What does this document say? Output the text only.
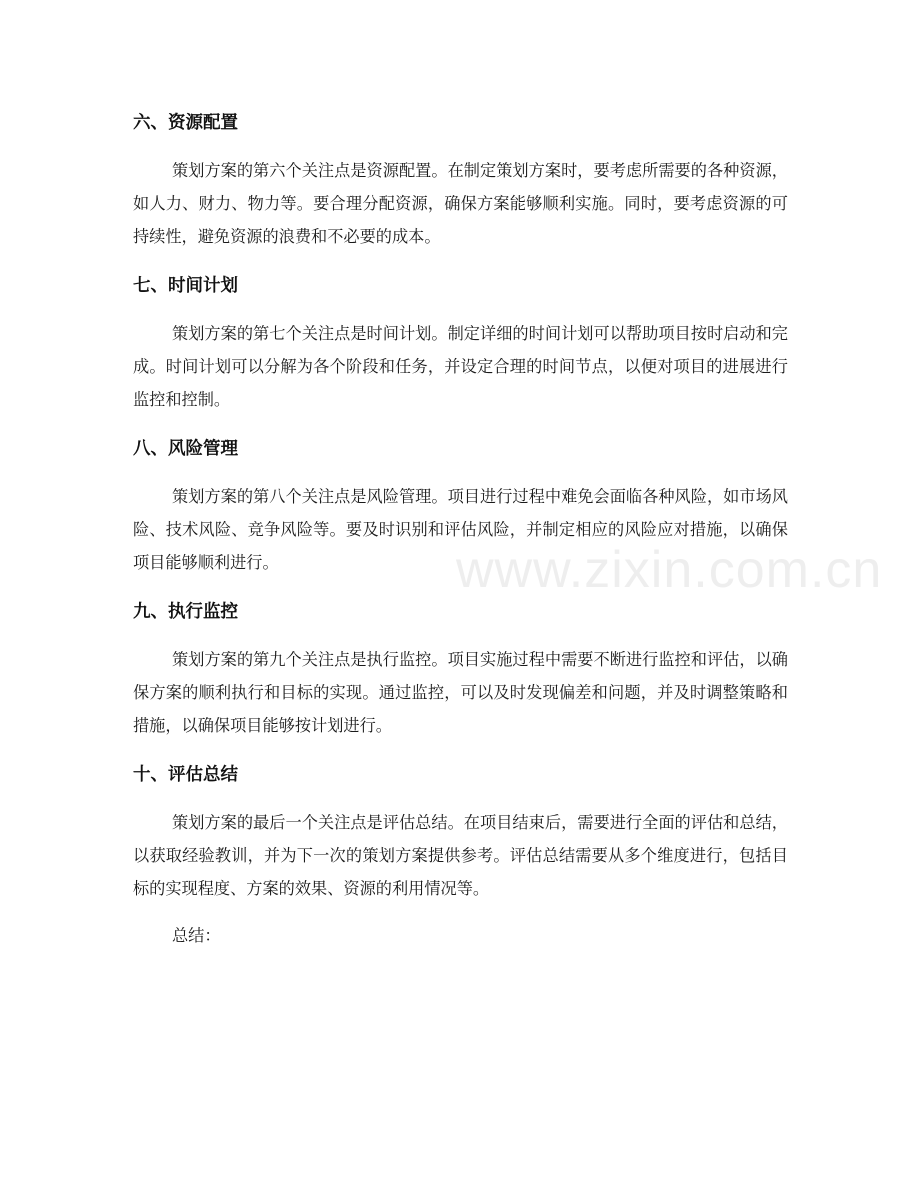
六、资源配置

策划方案的第六个关注点是资源配置。在制定策划方案时，要考虑所需要的各种资源，如人力、财力、物力等。要合理分配资源，确保方案能够顺利实施。同时，要考虑资源的可持续性，避免资源的浪费和不必要的成本。

七、时间计划

策划方案的第七个关注点是时间计划。制定详细的时间计划可以帮助项目按时启动和完成。时间计划可以分解为各个阶段和任务，并设定合理的时间节点，以便对项目的进展进行监控和控制。

八、风险管理

策划方案的第八个关注点是风险管理。项目进行过程中难免会面临各种风险，如市场风险、技术风险、竞争风险等。要及时识别和评估风险，并制定相应的风险应对措施，以确保项目能够顺利进行。

九、执行监控

策划方案的第九个关注点是执行监控。项目实施过程中需要不断进行监控和评估，以确保方案的顺利执行和目标的实现。通过监控，可以及时发现偏差和问题，并及时调整策略和措施，以确保项目能够按计划进行。

十、评估总结

策划方案的最后一个关注点是评估总结。在项目结束后，需要进行全面的评估和总结，以获取经验教训，并为下一次的策划方案提供参考。评估总结需要从多个维度进行，包括目标的实现程度、方案的效果、资源的利用情况等。

总结：

www.zixin.com.cn
